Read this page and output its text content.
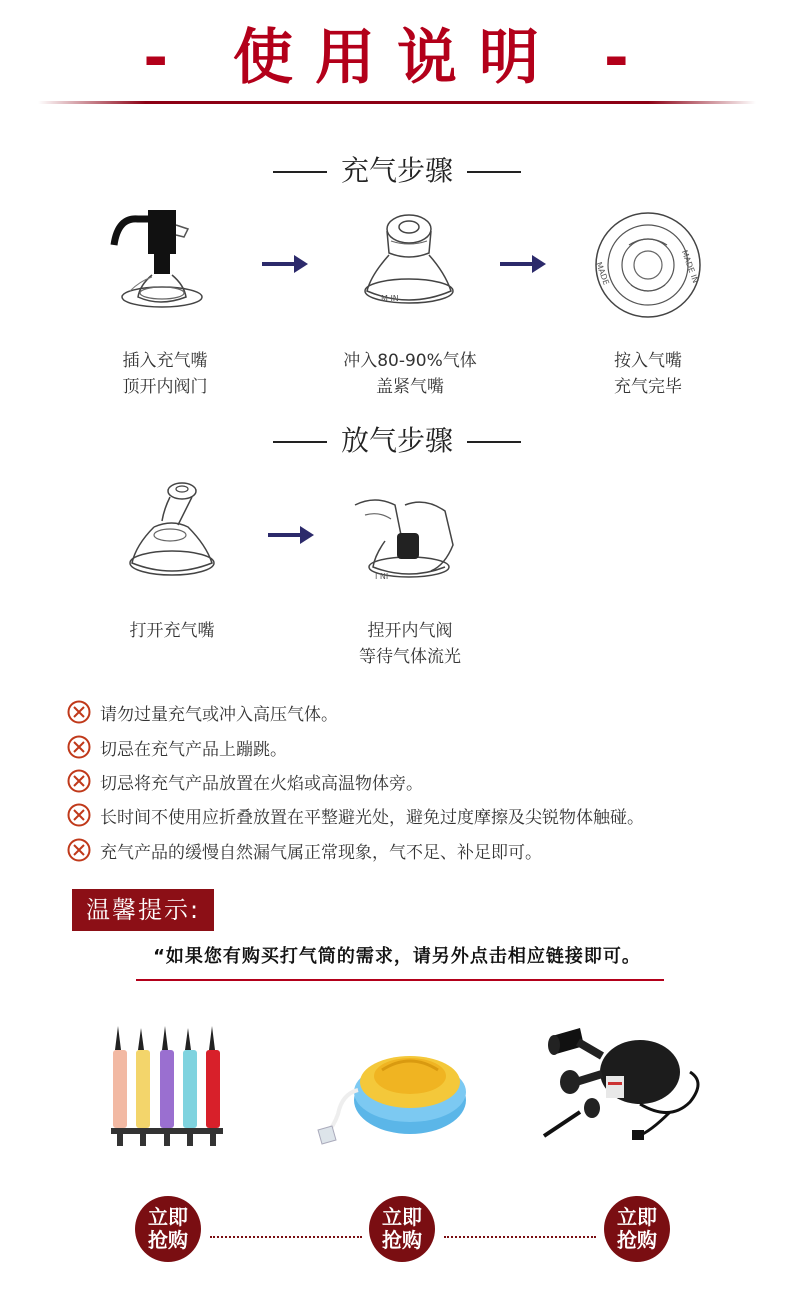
- 使用说明 -
充气步骤
M IN
MADE	MADE IN
插入充气嘴
顶开内阀门
冲入80-90%气体
盖紧气嘴
按入气嘴
充气完毕
放气步骤
I NI
打开充气嘴	捏开内气阀
等待气体流光
请勿过量充气或冲入高压气体。
切忌在充气产品上蹦跳。
切忌将充气产品放置在火焰或高温物体旁。
长时间不使用应折叠放置在平整避光处，避免过度摩擦及尖锐物体触碰。
充气产品的缓慢自然漏气属正常现象，气不足、补足即可。
温馨提示:
“如果您有购买打气筒的需求，请另外点击相应链接即可。
立即
抢购
立即
抢购
立即
抢购
